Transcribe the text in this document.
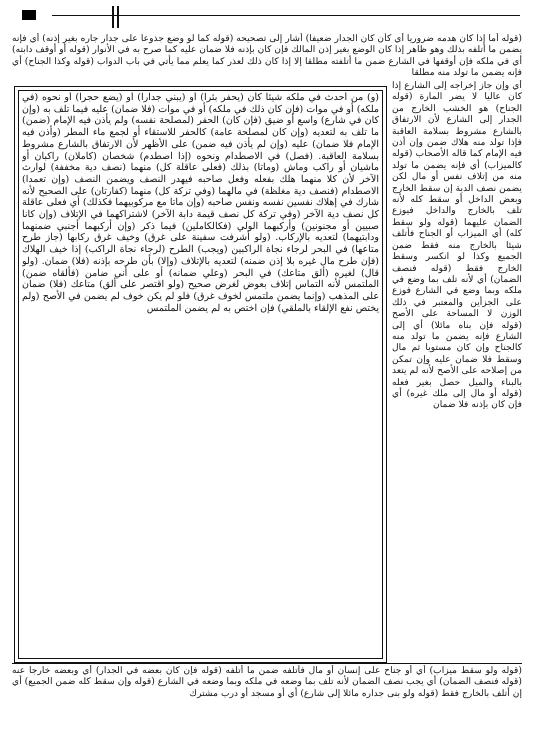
(قوله أما إذا كان هدمه ضروريا أي كأن كان الجدار ضعيفا) أشار إلى تصحيحه (قوله كما لو وضع جذوعا على جدار جاره بغير إذنه) أي فإنه يضمن ما أتلفه بذلك وهو ظاهر إذا كان الوضع بغير إذن المالك فإن كان بإذنه فلا ضمان عليه كما صرح به في الأنوار (قوله أو أوقف دابته) أي في ملكه فإن أوقفها في الشارع ضمن ما أتلفته مطلقا إلا إذا كان ذلك لعذر كما يعلم مما يأتي في باب الدواب (قوله وكذا الجناح) أي فإنه يضمن ما تولد منه مطلقا
(و) من أحدث في ملكه شيئا كأن (يحفر بئرا) أو (يبني جدارا) أو (يضع حجرا) أو نحوه (في ملكه) أو في موات (فإن كان ذلك في ملكه) أو في موات (فلا ضمان) عليه فيما تلف به (وإن كان في شارع) واسع أو ضيق (فإن كان) الحفر (لمصلحة نفسه) ولم يأذن فيه الإمام (ضمن) ما تلف به لتعديه (وإن كان لمصلحة عامة) كالحفر للاستقاء أو لجمع ماء المطر (وأذن فيه الإمام فلا ضمان) عليه (وإن لم يأذن فيه ضمن) على الأظهر لأن الارتفاق بالشارع مشروط بسلامة العاقبة. (فصل) في الاصطدام ونحوه (إذا اصطدم) شخصان (كاملان) راكبان أو ماشيان أو راكب وماش (وماتا) بذلك (فعلى عاقلة كل) منهما (نصف دية مخففة) لوارث الآخر لأن كلا منهما هلك بفعله وفعل صاحبه فيهدر النصف ويضمن النصف (وإن تعمدا) الاصطدام (فنصف دية مغلظة) في مالهما (وفي تركة كل) منهما (كفارتان) على الصحيح لأنه شارك في إهلاك نفسين نفسه ونفس صاحبه (وإن ماتا مع مركوبيهما فكذلك) أي فعلى عاقلة كل نصف دية الآخر (وفي تركة كل نصف قيمة دابة الآخر) لاشتراكهما في الإتلاف (وإن كانا صبيين أو مجنونين) وأركبهما الولي (فكالكاملين) فيما ذكر (وإن أركبهما أجنبي ضمنهما ودابتيهما) لتعديه بالإركاب. (ولو أشرفت سفينة على غرق) وخيف غرق ركابها (جاز طرح متاعها) في البحر لرجاء نجاة الراكبين (ويجب) الطرح (لرجاء نجاة الراكب) إذا خيف الهلاك (فإن طرح مال غيره بلا إذن ضمنه) لتعديه بالإتلاف (وإلا) بأن طرحه بإذنه (فلا) ضمان. (ولو قال) لغيره (ألق متاعك) في البحر (وعلي ضمانه) أو على أني ضامن (فألقاه ضمن) الملتمس لأنه التماس إتلاف بعوض لغرض صحيح (ولو اقتصر على ألق) متاعك (فلا) ضمان على المذهب (وإنما يضمن ملتمس لخوف غرق) فلو لم يكن خوف لم يضمن في الأصح (ولم يختص نفع الإلقاء بالملقي) فإن اختص به لم يضمن الملتمس
أي وإن جاز إخراجه إلى الشارع إذا كان عاليا لا يضر المارة (قوله الجناح) هو الخشب الخارج من الجدار إلى الشارع لأن الارتفاق بالشارع مشروط بسلامة العاقبة فإذا تولد منه هلاك ضمن وإن أذن فيه الإمام كما قاله الأصحاب (قوله كالميزاب) أي فإنه يضمن ما تولد منه من إتلاف نفس أو مال لكن يضمن نصف الدية إن سقط الخارج وبعض الداخل أو سقط كله لأنه تلف بالخارج والداخل فيوزع الضمان عليهما (قوله ولو سقط كله) أي الميزاب أو الجناح فأتلف شيئا بالخارج منه فقط ضمن الجميع وكذا لو انكسر وسقط الخارج فقط (قوله فنصف الضمان) أي لأنه تلف بما وضع في ملكه وبما وضع في الشارع فوزع على الجزأين والمعتبر في ذلك الوزن لا المساحة على الأصح (قوله فإن بناه مائلا) أي إلى الشارع فإنه يضمن ما تولد منه كالجناح وإن كان مستويا ثم مال وسقط فلا ضمان عليه وإن تمكن من إصلاحه على الأصح لأنه لم يتعد بالبناء والميل حصل بغير فعله (قوله أو مال إلى ملك غيره) أي فإن كان بإذنه فلا ضمان
(قوله ولو سقط ميزاب) أي أو جناح على إنسان أو مال فأتلفه ضمن ما أتلفه (قوله فإن كان بعضه في الجدار) أي وبعضه خارجا عنه (قوله فنصف الضمان) أي يجب نصف الضمان لأنه تلف بما وضعه في ملكه وبما وضعه في الشارع (قوله وإن سقط كله ضمن الجميع) أي إن أتلف بالخارج فقط (قوله ولو بنى جداره مائلا إلى شارع) أي أو مسجد أو درب مشترك
